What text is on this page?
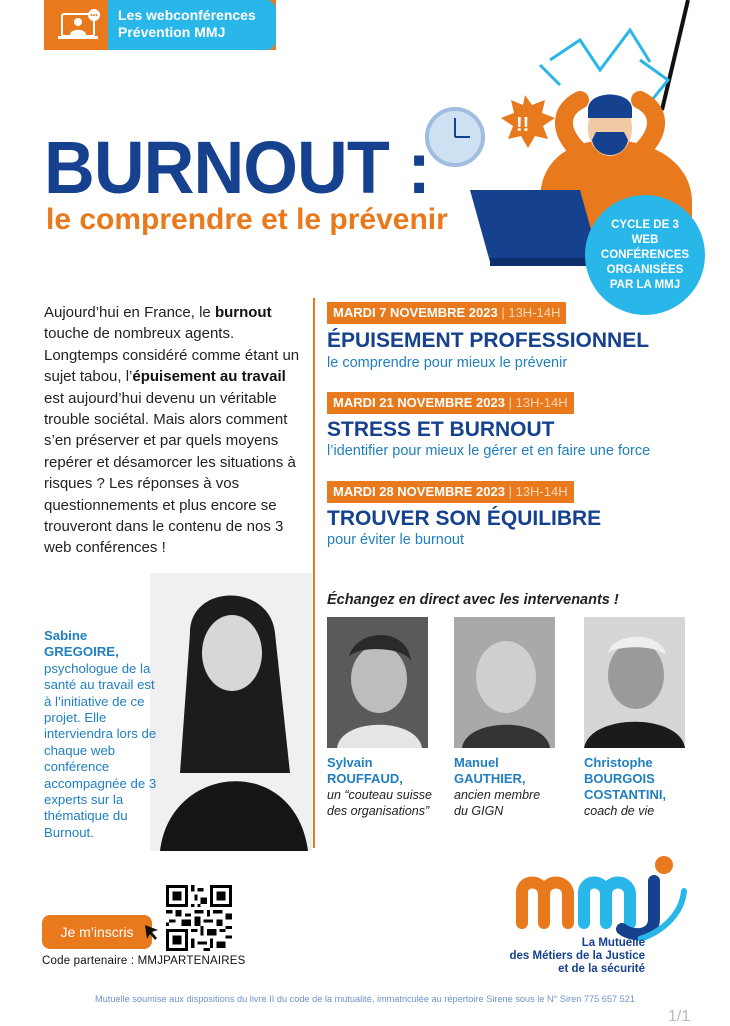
Les webconférences
Prévention MMJ
!!
BURNOUT :
le comprendre et le prévenir	CYCLE DE 3 WEB CONFÉRENCES ORGANISÉES PAR LA MMJ
Aujourd’hui en France, le burnout touche de nombreux agents. Longtemps considéré comme étant un sujet tabou, l’épuisement au travail est aujourd’hui devenu un véritable trouble sociétal. Mais alors comment s’en préserver et par quels moyens repérer et désamorcer les situations à risques ? Les réponses à vos questionnements et plus encore se trouveront dans le contenu de nos 3 web conférences !
MARDI 7 NOVEMBRE 2023 | 13H-14H
ÉPUISEMENT PROFESSIONNEL
le comprendre pour mieux le prévenir
MARDI 21 NOVEMBRE 2023 | 13H-14H
STRESS ET BURNOUT
l’identifier pour mieux le gérer et en faire une force
MARDI 28 NOVEMBRE 2023 | 13H-14H
TROUVER SON ÉQUILIBRE
pour éviter le burnout
Échangez en direct avec les intervenants !
Sylvain
ROUFFAUD,
un “couteau suisse
des organisations”
Manuel
GAUTHIER,
ancien membre
du GIGN
Christophe
BOURGOIS
COSTANTINI,
coach de vie
Sabine GREGOIRE, psychologue de la santé au travail est à l’initiative de ce projet. Elle interviendra lors de chaque web conférence accompagnée de 3 experts sur la thématique du Burnout.
Je m’inscris
Code partenaire : MMJPARTENAIRES
La Mutuelle
des Métiers de la Justice
et de la sécurité
Mutuelle soumise aux dispositions du livre II du code de la mutualité, immatriculée au répertoire Sirene sous le N° Siren 775 657 521
1/1
